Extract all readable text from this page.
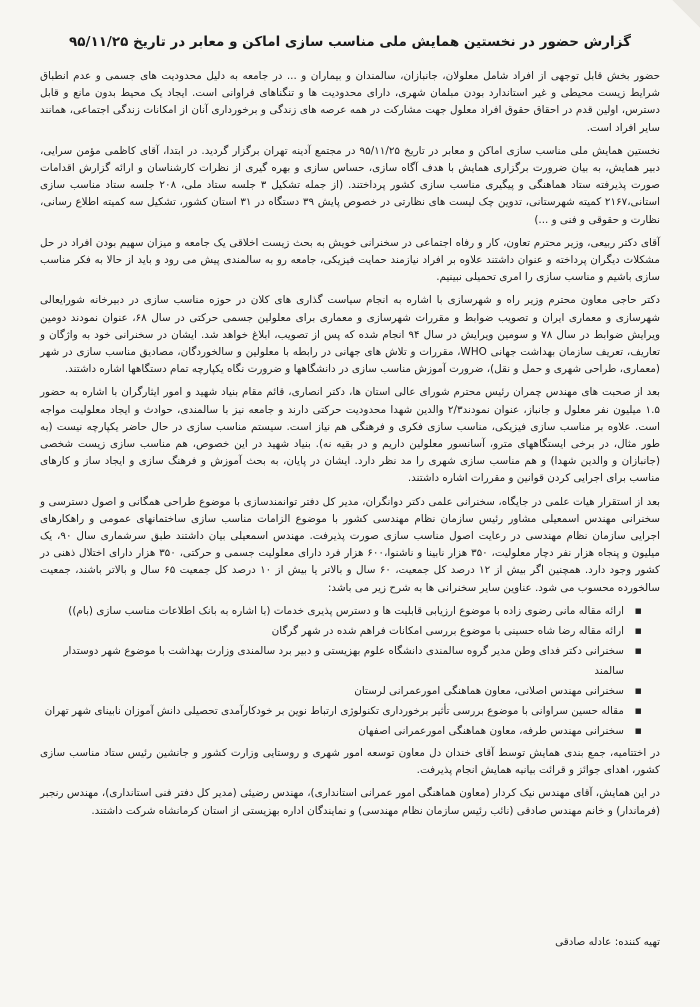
گزارش حضور در نخستین همایش ملی مناسب سازی اماکن و معابر در تاریخ ۹۵/۱۱/۲۵

حضور بخش قابل توجهی از افراد شامل معلولان، جانبازان، سالمندان و بیماران و ... در جامعه به دلیل محدودیت های جسمی و عدم انطباق شرایط زیست محیطی و غیر استاندارد بودن مبلمان شهری، دارای محدودیت ها و تنگناهای فراوانی است. ایجاد یک محیط بدون مانع و قابل دسترس، اولین قدم در احقاق حقوق افراد معلول جهت مشارکت در همه عرصه های زندگی و برخورداری آنان از امکانات زندگی اجتماعی، همانند سایر افراد است.

نخستین همایش ملی مناسب سازی اماکن و معابر در تاریخ ۹۵/۱۱/۲۵ در مجتمع آدینه تهران برگزار گردید. در ابتدا، آقای کاظمی مؤمن سرایی، دبیر همایش، به بیان ضرورت برگزاری همایش با هدف آگاه سازی، حساس سازی و بهره گیری از نظرات کارشناسان و ارائه گزارش اقدامات صورت پذیرفته ستاد هماهنگی و پیگیری مناسب سازی کشور پرداختند. (از جمله تشکیل ۳ جلسه ستاد ملی، ۲۰۸ جلسه ستاد مناسب سازی استانی،۲۱۶۷ کمیته شهرستانی، تدوین چک لیست های نظارتی در خصوص پایش ۳۹ دستگاه در ۳۱ استان کشور، تشکیل سه کمیته اطلاع رسانی، نظارت و حقوقی و فنی و ...)

آقای دکتر ربیعی، وزیر محترم تعاون، کار و رفاه اجتماعی در سخنرانی خویش به بحث زیست اخلاقی یک جامعه و میزان سهیم بودن افراد در حل مشکلات دیگران پرداخته و عنوان داشتند علاوه بر افراد نیازمند حمایت فیزیکی، جامعه رو به سالمندی پیش می رود و باید از حالا به فکر مناسب سازی باشیم و مناسب سازی را امری تحمیلی نبینیم.

دکتر حاجی معاون محترم وزیر راه و شهرسازی با اشاره به انجام سیاست گذاری های کلان در حوزه مناسب سازی در دبیرخانه شورایعالی شهرسازی و معماری ایران و تصویب ضوابط و مقررات شهرسازی و معماری برای معلولین جسمی حرکتی در سال ۶۸، عنوان نمودند دومین ویرایش ضوابط در سال ۷۸ و سومین ویرایش در سال ۹۴ انجام شده که پس از تصویب، ابلاغ خواهد شد. ایشان در سخنرانی خود به واژگان و تعاریف، تعریف سازمان بهداشت جهانی WHO، مقررات و تلاش های جهانی در رابطه با معلولین و سالخوردگان، مصادیق مناسب سازی در شهر (معماری، طراحی شهری و حمل و نقل)، ضرورت آموزش مناسب سازی در دانشگاهها و ضرورت نگاه یکپارچه تمام دستگاهها اشاره داشتند.

بعد از صحبت های مهندس چمران رئیس محترم شورای عالی استان ها، دکتر انصاری، قائم مقام بنیاد شهید و امور ایثارگران با اشاره به حضور ۱.۵ میلیون نفر معلول و جانباز، عنوان نمودند۲/۳ والدین شهدا محدودیت حرکتی دارند و جامعه نیز با سالمندی، حوادث و ایجاد معلولیت مواجه است. علاوه بر مناسب سازی فیزیکی، مناسب سازی فکری و فرهنگی هم نیاز است. سیستم مناسب سازی در حال حاضر یکپارچه نیست (به طور مثال، در برخی ایستگاههای مترو، آسانسور معلولین داریم و در بقیه نه). بنیاد شهید در این خصوص، هم مناسب سازی زیست شخصی (جانبازان و والدین شهدا) و هم مناسب سازی شهری را مد نظر دارد. ایشان در پایان، به بحث آموزش و فرهنگ سازی و ایجاد ساز و کارهای مناسب برای اجرایی کردن قوانین و مقررات اشاره داشتند.

بعد از استقرار هیات علمی در جایگاه، سخنرانی علمی دکتر دوانگران، مدیر کل دفتر توانمندسازی با موضوع طراحی همگانی و اصول دسترسی و سخنرانی مهندس اسمعیلی مشاور رئیس سازمان نظام مهندسی کشور با موضوع الزامات مناسب سازی ساختمانهای عمومی و راهکارهای اجرایی سازمان نظام مهندسی در رعایت اصول مناسب سازی صورت پذیرفت. مهندس اسمعیلی بیان داشتند طبق سرشماری سال ۹۰، یک میلیون و پنجاه هزار نفر دچار معلولیت، ۳۵۰ هزار نابینا و ناشنوا،۶۰۰ هزار فرد دارای معلولیت جسمی و حرکتی، ۳۵۰ هزار دارای اختلال ذهنی در کشور وجود دارد. همچنین اگر بیش از ۱۲ درصد کل جمعیت، ۶۰ سال و بالاتر یا بیش از ۱۰ درصد کل جمعیت ۶۵ سال و بالاتر باشند، جمعیت سالخورده محسوب می شود. عناوین سایر سخنرانی ها به شرح زیر می باشد:

▪ ارائه مقاله مانی رضوی زاده با موضوع ارزیابی قابلیت ها و دسترس پذیری خدمات (با اشاره به بانک اطلاعات مناسب سازی (بام))
▪ ارائه مقاله رضا شاه حسینی با موضوع بررسی امکانات فراهم شده در شهر گرگان
▪ سخنرانی دکتر فدای وطن مدیر گروه سالمندی دانشگاه علوم بهزیستی و دبیر برد سالمندی وزارت بهداشت با موضوع شهر دوستدار سالمند
▪ سخنرانی مهندس اصلانی، معاون هماهنگی امورعمرانی لرستان
▪ مقاله حسین سراوانی با موضوع بررسی تأثیر برخورداری تکنولوژی ارتباط نوین بر خودکارآمدی تحصیلی دانش آموزان نابینای شهر تهران
▪ سخنرانی مهندس طرفه، معاون هماهنگی امورعمرانی اصفهان

در اختتامیه، جمع بندی همایش توسط آقای خندان دل معاون توسعه امور شهری و روستایی وزارت کشور و جانشین رئیس ستاد مناسب سازی کشور، اهدای جوائز و قرائت بیانیه همایش انجام پذیرفت.

در این همایش، آقای مهندس نیک کردار (معاون هماهنگی امور عمرانی استانداری)، مهندس رضیئی (مدیر کل دفتر فنی استانداری)، مهندس رنجبر (فرماندار) و خانم مهندس صادقی (نائب رئیس سازمان نظام مهندسی) و نمایندگان اداره بهزیستی از استان کرمانشاه شرکت داشتند.

تهیه کننده: عادله صادقی
